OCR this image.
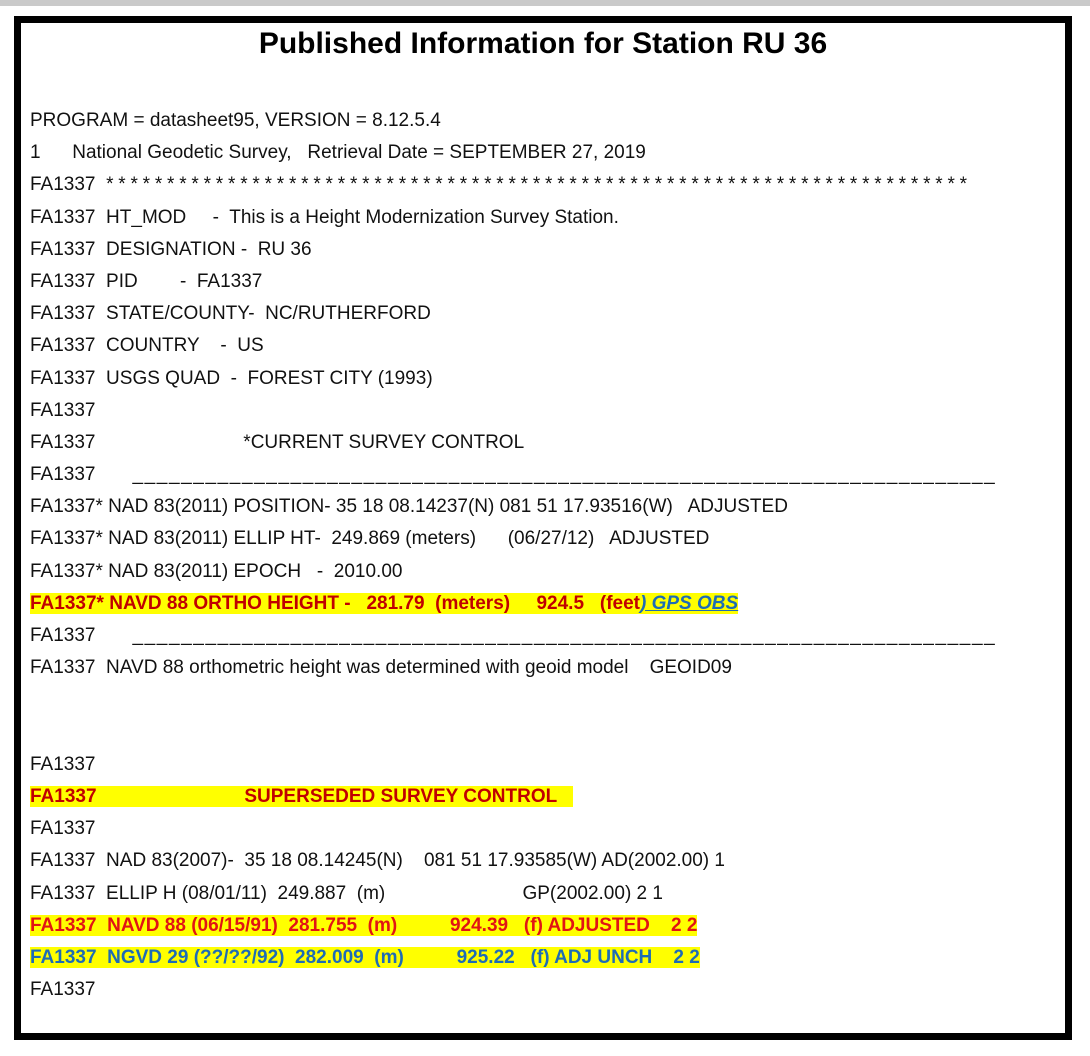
Published Information for Station RU 36
PROGRAM = datasheet95, VERSION = 8.12.5.4
1      National Geodetic Survey,   Retrieval Date = SEPTEMBER 27, 2019
FA1337  ***********************************************************************
FA1337  HT_MOD     -  This is a Height Modernization Survey Station.
FA1337  DESIGNATION -  RU 36
FA1337  PID        -  FA1337
FA1337  STATE/COUNTY-  NC/RUTHERFORD
FA1337  COUNTRY    -  US
FA1337  USGS QUAD  -  FOREST CITY (1993)
FA1337
FA1337                            *CURRENT SURVEY CONTROL
FA1337       _______________________________________________________________________
FA1337* NAD 83(2011) POSITION- 35 18 08.14237(N) 081 51 17.93516(W)   ADJUSTED
FA1337* NAD 83(2011) ELLIP HT-  249.869 (meters)      (06/27/12)   ADJUSTED
FA1337* NAD 83(2011) EPOCH   -  2010.00
FA1337* NAVD 88 ORTHO HEIGHT -   281.79  (meters)     924.5   (feet) GPS OBS
FA1337       _______________________________________________________________________
FA1337  NAVD 88 orthometric height was determined with geoid model    GEOID09
FA1337
FA1337                            SUPERSEDED SURVEY CONTROL
FA1337
FA1337  NAD 83(2007)-  35 18 08.14245(N)    081 51 17.93585(W) AD(2002.00) 1
FA1337  ELLIP H (08/01/11)  249.887  (m)                          GP(2002.00) 2 1
FA1337  NAVD 88 (06/15/91)  281.755  (m)          924.39   (f) ADJUSTED    2 2
FA1337  NGVD 29 (??/??/92)  282.009  (m)          925.22   (f) ADJ UNCH    2 2
FA1337
